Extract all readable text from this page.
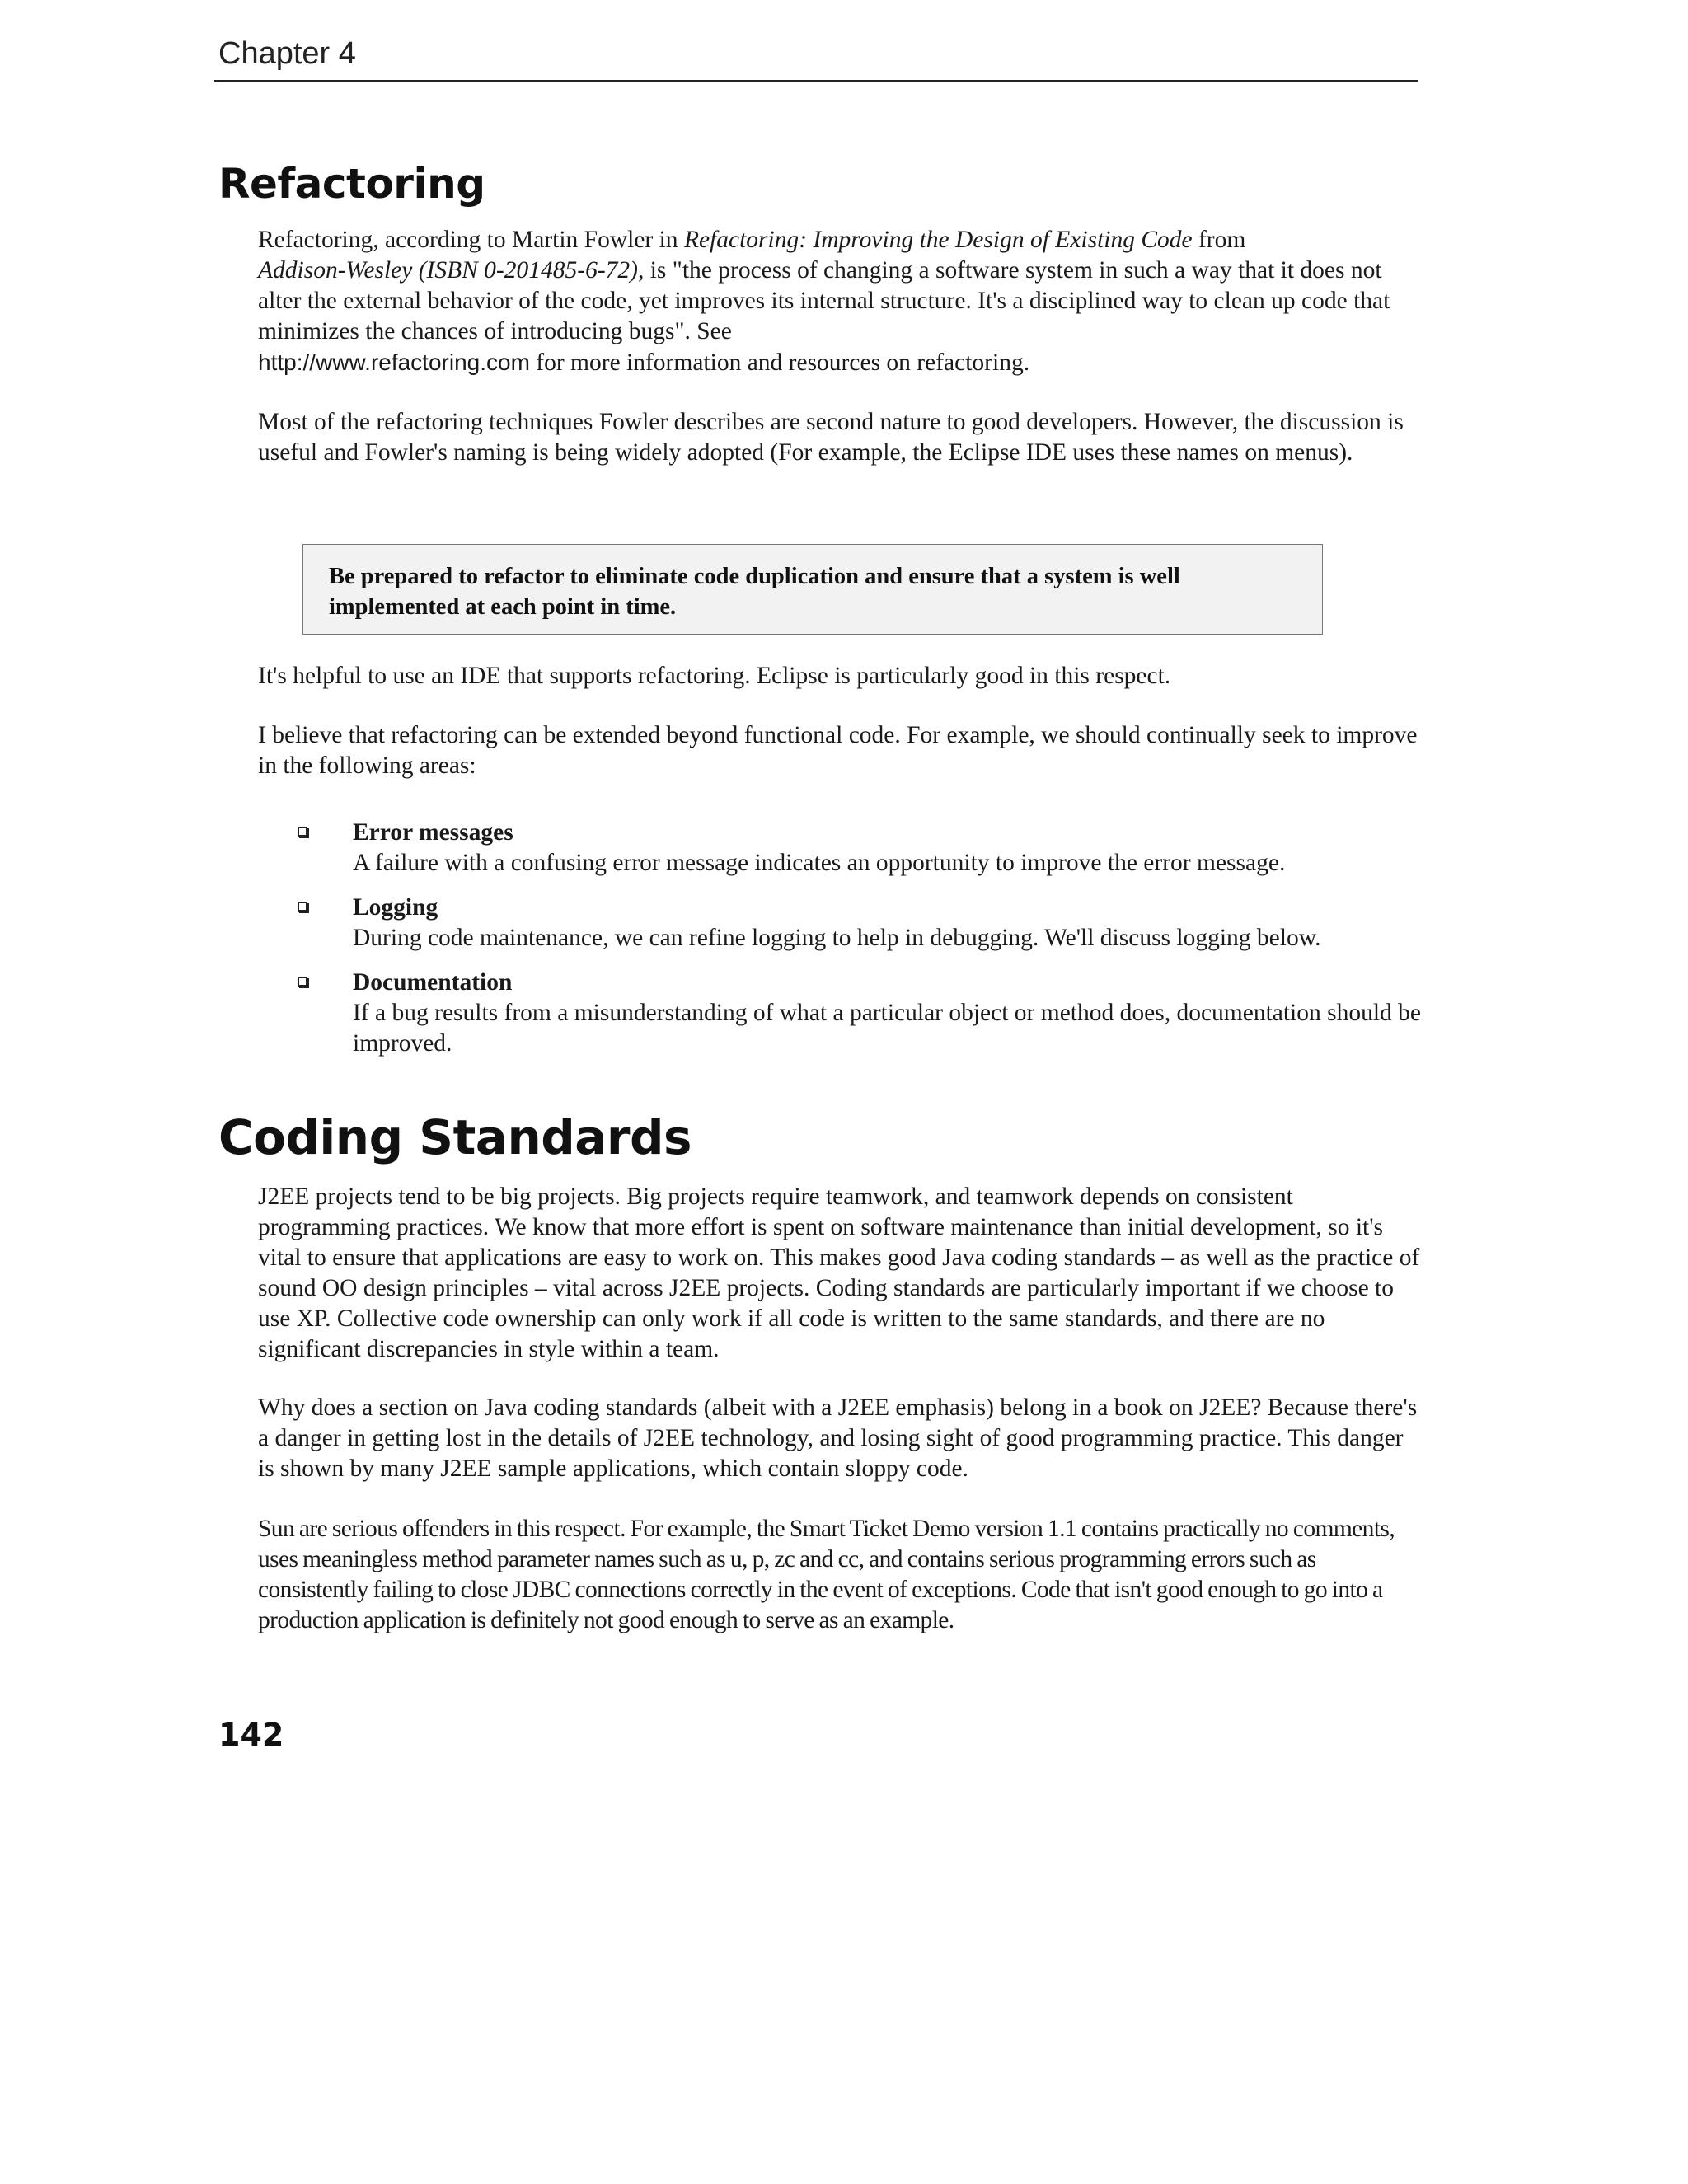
Chapter 4
Refactoring

Refactoring, according to Martin Fowler in Refactoring: Improving the Design of Existing Code from
Addison-Wesley (ISBN 0-201485-6-72), is "the process of changing a software system in such a way that it does not alter the external behavior of the code, yet improves its internal structure. It's a disciplined way to clean up code that minimizes the chances of introducing bugs". See
http://www.refactoring.com for more information and resources on refactoring.

Most of the refactoring techniques Fowler describes are second nature to good developers. However, the discussion is useful and Fowler's naming is being widely adopted (For example, the Eclipse IDE uses these names on menus).

Be prepared to refactor to eliminate code duplication and ensure that a system is well implemented at each point in time.

It's helpful to use an IDE that supports refactoring. Eclipse is particularly good in this respect.

I believe that refactoring can be extended beyond functional code. For example, we should continually seek to improve in the following areas:

Error messages
A failure with a confusing error message indicates an opportunity to improve the error message.
Logging
During code maintenance, we can refine logging to help in debugging. We'll discuss logging below.
Documentation
If a bug results from a misunderstanding of what a particular object or method does, documentation should be improved.
Coding Standards

J2EE projects tend to be big projects. Big projects require teamwork, and teamwork depends on consistent programming practices. We know that more effort is spent on software maintenance than initial development, so it's vital to ensure that applications are easy to work on. This makes good Java coding standards – as well as the practice of sound OO design principles – vital across J2EE projects. Coding standards are particularly important if we choose to use XP. Collective code ownership can only work if all code is written to the same standards, and there are no significant discrepancies in style within a team.

Why does a section on Java coding standards (albeit with a J2EE emphasis) belong in a book on J2EE? Because there's a danger in getting lost in the details of J2EE technology, and losing sight of good programming practice. This danger is shown by many J2EE sample applications, which contain sloppy code.

Sun are serious offenders in this respect. For example, the Smart Ticket Demo version 1.1 contains practically no comments, uses meaningless method parameter names such as u, p, zc and cc, and contains serious programming errors such as consistently failing to close JDBC connections correctly in the event of exceptions. Code that isn't good enough to go into a production application is definitely not good enough to serve as an example.

142
